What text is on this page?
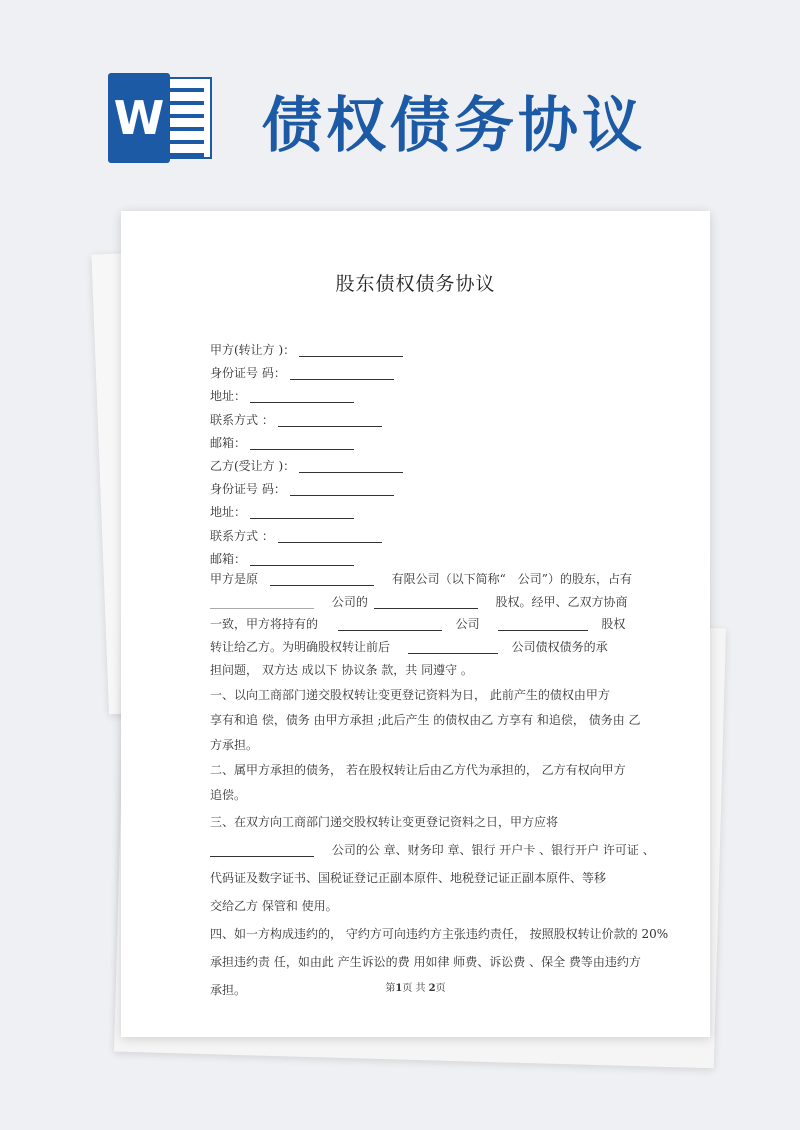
W 债权债务协议
股东债权债务协议
甲方(转让方 )：
身份证号 码：
地址：
联系方式 ：
邮箱：
乙方(受让方 )：
身份证号 码：
地址：
联系方式 ：
邮箱：
甲方是原	有限公司（以下简称“　公司”）的股东，占有
公司的	股权。经甲、乙双方协商
一致，甲方将持有的	公司	股权
转让给乙方。为明确股权转让前后	公司债权债务的承
担问题， 双方达 成以下 协议条 款，共 同遵守 。
一、以向工商部门递交股权转让变更登记资料为日， 此前产生的债权由甲方
享有和追 偿，债务 由甲方承担 ;此后产生 的债权由乙 方享有 和追偿， 债务由 乙
方承担。
二、属甲方承担的债务， 若在股权转让后由乙方代为承担的， 乙方有权向甲方
追偿。
三、在双方向工商部门递交股权转让变更登记资料之日，甲方应将
公司的公 章、财务印 章、银行 开户卡 、银行开户 许可证 、
代码证及数字证书、国税证登记正副本原件、地税登记证正副本原件、等移
交给乙方 保管和 使用。
四、如一方构成违约的， 守约方可向违约方主张违约责任， 按照股权转让价款的 20%
承担违约责 任，如由此 产生诉讼的费 用如律 师费、诉讼费 、保全 费等由违约方
承担。	第1页 共 2页
